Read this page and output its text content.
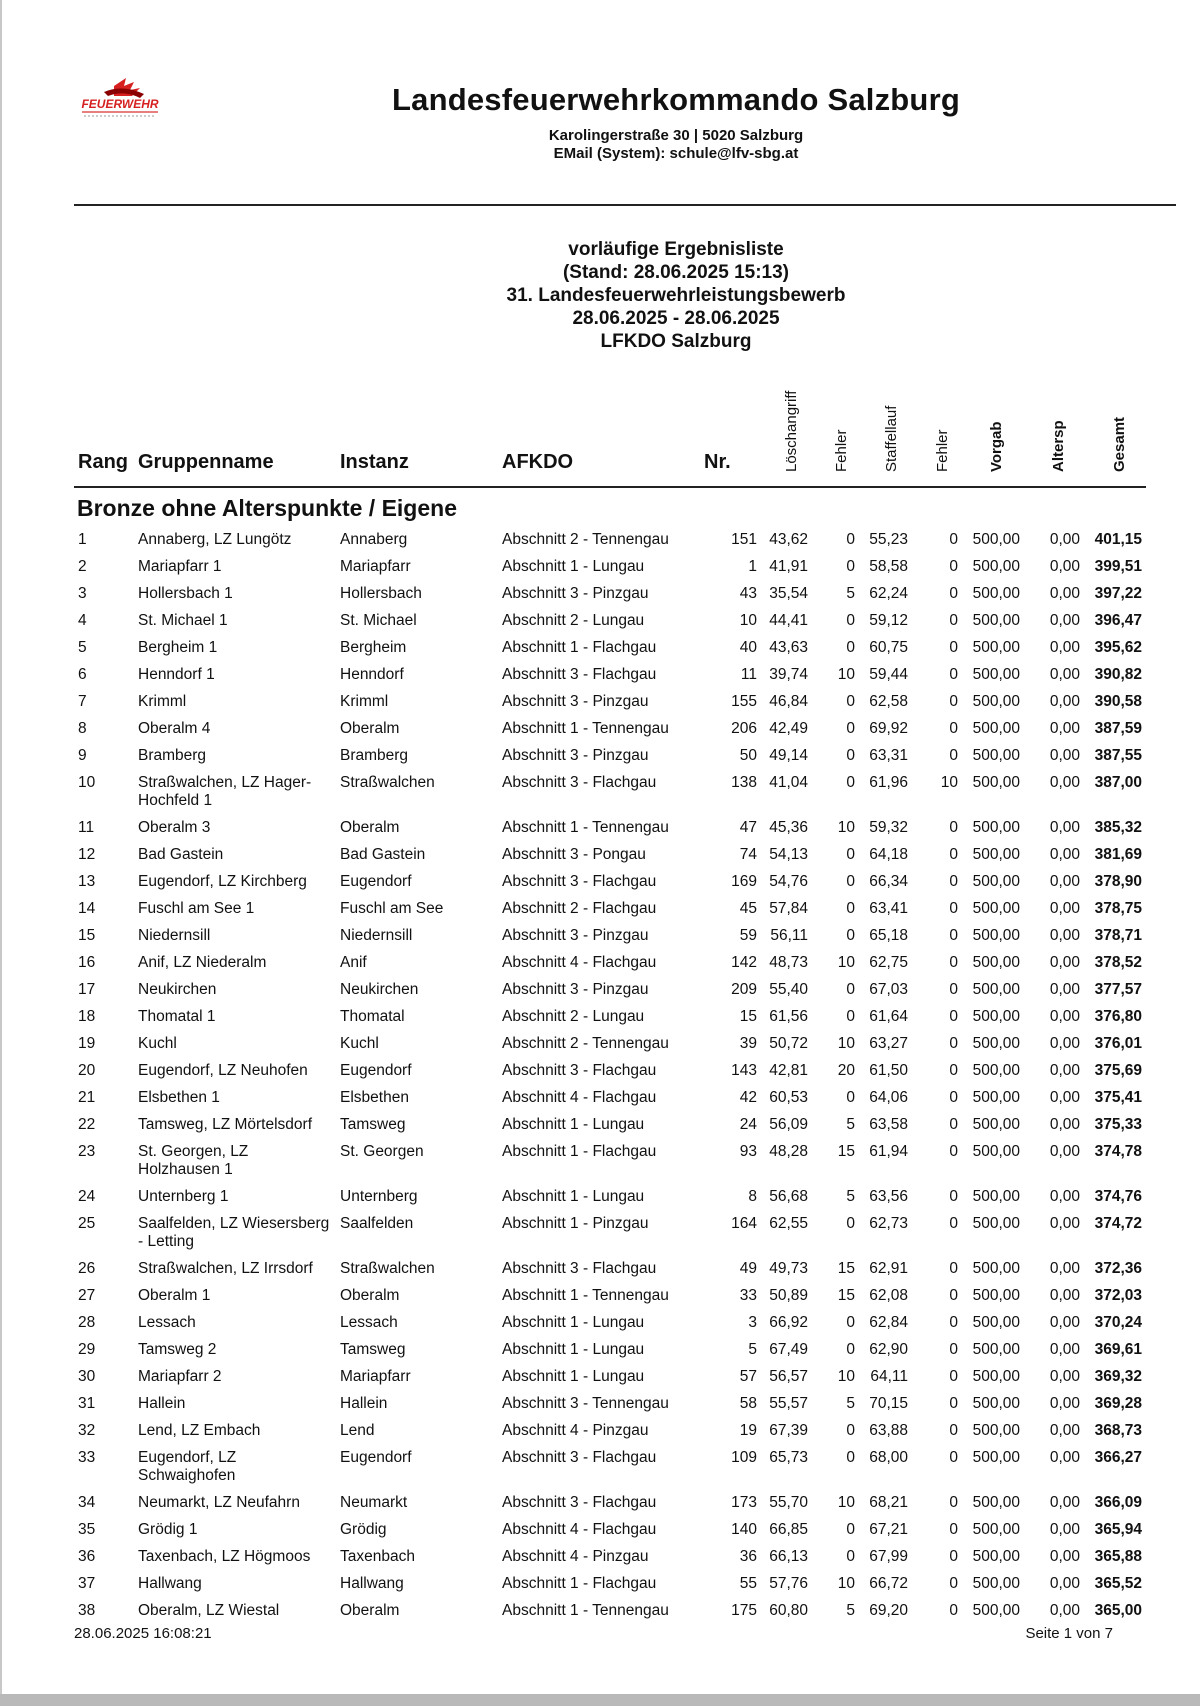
FEUERWEHR	Landesfeuerwehrkommando Salzburg
Karolingerstraße 30 | 5020 Salzburg
EMail (System): schule@lfv-sbg.at
vorläufige Ergebnisliste
(Stand: 28.06.2025 15:13)
31. Landesfeuerwehrleistungsbewerb
28.06.2025 - 28.06.2025
LFKDO Salzburg
Rang Gruppenname	Instanz	AFKDO	Nr.	Löschangriff Fehler Staffellauf Fehler Vorgab	Altersp	Gesamt
Bronze ohne Alterspunkte / Eigene
1	Annaberg, LZ Lungötz	Annaberg	Abschnitt 2 - Tennengau	151 43,62 0 55,23	0 500,00 0,00 401,15
2	Mariapfarr 1	Mariapfarr	Abschnitt 1 - Lungau	1 41,91 0 58,58	0 500,00 0,00 399,51
3	Hollersbach 1	Hollersbach	Abschnitt 3 - Pinzgau	43 35,54 5 62,24	0 500,00 0,00 397,22
4	St. Michael 1	St. Michael	Abschnitt 2 - Lungau	10 44,41 0 59,12	0 500,00 0,00 396,47
5	Bergheim 1	Bergheim	Abschnitt 1 - Flachgau	40 43,63 0 60,75	0 500,00 0,00 395,62
6	Henndorf 1	Henndorf	Abschnitt 3 - Flachgau	11 39,74 10 59,44	0 500,00 0,00 390,82
7	Krimml	Krimml	Abschnitt 3 - Pinzgau	155 46,84 0 62,58	0 500,00 0,00 390,58
8	Oberalm 4	Oberalm	Abschnitt 1 - Tennengau	206 42,49 0 69,92	0 500,00 0,00 387,59
9	Bramberg	Bramberg	Abschnitt 3 - Pinzgau	50 49,14 0 63,31	0 500,00 0,00 387,55
10	Straßwalchen, LZ Hager-Hochfeld 1
Straßwalchen	Abschnitt 3 - Flachgau	138 41,04 0 61,96 10 500,00 0,00 387,00
11	Oberalm 3	Oberalm	Abschnitt 1 - Tennengau	47 45,36 10 59,32	0 500,00 0,00 385,32
12	Bad Gastein	Bad Gastein	Abschnitt 3 - Pongau	74 54,13 0 64,18	0 500,00 0,00 381,69
13	Eugendorf, LZ Kirchberg	Eugendorf	Abschnitt 3 - Flachgau	169 54,76 0 66,34	0 500,00 0,00 378,90
14	Fuschl am See 1	Fuschl am See	Abschnitt 2 - Flachgau	45 57,84 0 63,41	0 500,00 0,00 378,75
15	Niedernsill	Niedernsill	Abschnitt 3 - Pinzgau	59 56,11 0 65,18	0 500,00 0,00 378,71
16	Anif, LZ Niederalm	Anif	Abschnitt 4 - Flachgau	142 48,73 10 62,75	0 500,00 0,00 378,52
17	Neukirchen	Neukirchen	Abschnitt 3 - Pinzgau	209 55,40 0 67,03	0 500,00 0,00 377,57
18	Thomatal 1	Thomatal	Abschnitt 2 - Lungau	15 61,56 0 61,64	0 500,00 0,00 376,80
19	Kuchl	Kuchl	Abschnitt 2 - Tennengau	39 50,72 10 63,27	0 500,00 0,00 376,01
20	Eugendorf, LZ Neuhofen	Eugendorf	Abschnitt 3 - Flachgau	143 42,81 20 61,50	0 500,00 0,00 375,69
21	Elsbethen 1	Elsbethen	Abschnitt 4 - Flachgau	42 60,53 0 64,06	0 500,00 0,00 375,41
22	Tamsweg, LZ Mörtelsdorf	Tamsweg	Abschnitt 1 - Lungau	24 56,09 5 63,58	0 500,00 0,00 375,33
23	St. Georgen, LZ Holzhausen 1
St. Georgen	Abschnitt 1 - Flachgau	93 48,28 15 61,94	0 500,00 0,00 374,78
24	Unternberg 1	Unternberg	Abschnitt 1 - Lungau	8 56,68 5 63,56	0 500,00 0,00 374,76
25	Saalfelden, LZ Wiesersberg - Letting
Saalfelden	Abschnitt 1 - Pinzgau	164 62,55 0 62,73	0 500,00 0,00 374,72
26	Straßwalchen, LZ Irrsdorf	Straßwalchen	Abschnitt 3 - Flachgau	49 49,73 15 62,91	0 500,00 0,00 372,36
27	Oberalm 1	Oberalm	Abschnitt 1 - Tennengau	33 50,89 15 62,08	0 500,00 0,00 372,03
28	Lessach	Lessach	Abschnitt 1 - Lungau	3 66,92 0 62,84	0 500,00 0,00 370,24
29	Tamsweg 2	Tamsweg	Abschnitt 1 - Lungau	5 67,49 0 62,90	0 500,00 0,00 369,61
30	Mariapfarr 2	Mariapfarr	Abschnitt 1 - Lungau	57 56,57 10 64,11	0 500,00 0,00 369,32
31	Hallein	Hallein	Abschnitt 3 - Tennengau	58 55,57 5 70,15	0 500,00 0,00 369,28
32	Lend, LZ Embach	Lend	Abschnitt 4 - Pinzgau	19 67,39 0 63,88	0 500,00 0,00 368,73
33	Eugendorf, LZ Schwaighofen
Eugendorf	Abschnitt 3 - Flachgau	109 65,73 0 68,00	0 500,00 0,00 366,27
34	Neumarkt, LZ Neufahrn	Neumarkt	Abschnitt 3 - Flachgau	173 55,70 10 68,21	0 500,00 0,00 366,09
35	Grödig 1	Grödig	Abschnitt 4 - Flachgau	140 66,85 0 67,21	0 500,00 0,00 365,94
36	Taxenbach, LZ Högmoos	Taxenbach	Abschnitt 4 - Pinzgau	36 66,13 0 67,99	0 500,00 0,00 365,88
37	Hallwang	Hallwang	Abschnitt 1 - Flachgau	55 57,76 10 66,72	0 500,00 0,00 365,52
38	Oberalm, LZ Wiestal	Oberalm	Abschnitt 1 - Tennengau	175 60,80 5 69,20	0 500,00 0,00 365,00
28.06.2025 16:08:21	Seite 1 von 7
